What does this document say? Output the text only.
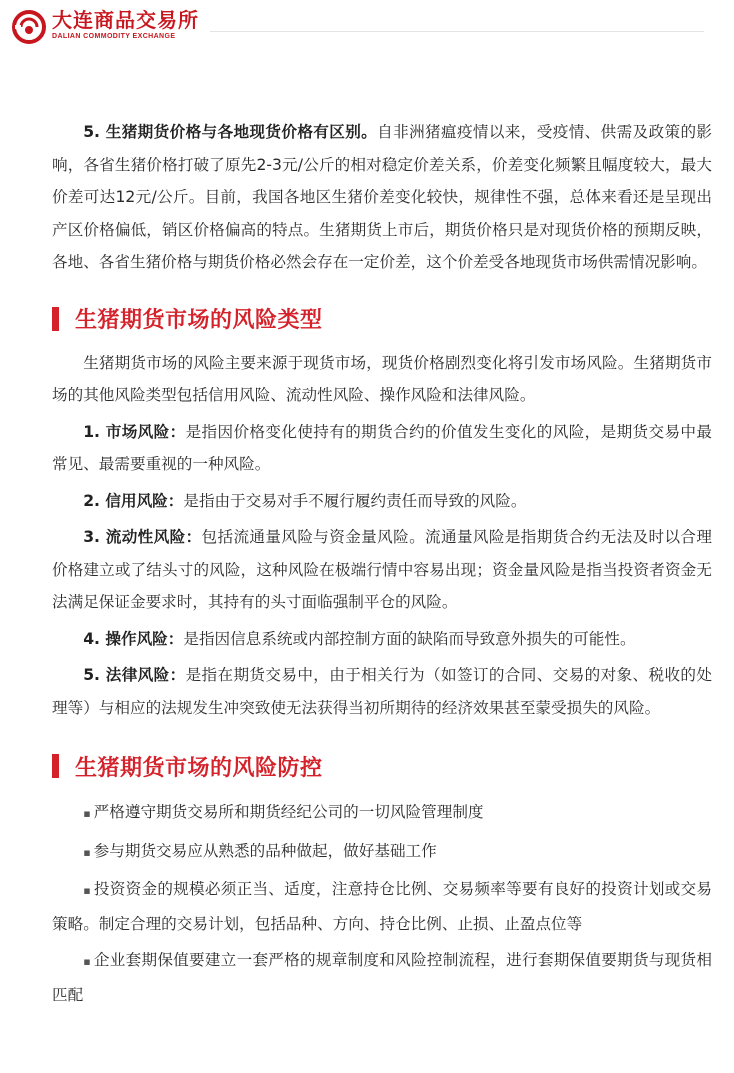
大连商品交易所
DALIAN COMMODITY EXCHANGE

5. 生猪期货价格与各地现货价格有区别。自非洲猪瘟疫情以来，受疫情、供需及政策的影响，各省生猪价格打破了原先2-3元/公斤的相对稳定价差关系，价差变化频繁且幅度较大，最大价差可达12元/公斤。目前，我国各地区生猪价差变化较快，规律性不强，总体来看还是呈现出产区价格偏低，销区价格偏高的特点。生猪期货上市后，期货价格只是对现货价格的预期反映，各地、各省生猪价格与期货价格必然会存在一定价差，这个价差受各地现货市场供需情况影响。

生猪期货市场的风险类型

生猪期货市场的风险主要来源于现货市场，现货价格剧烈变化将引发市场风险。生猪期货市场的其他风险类型包括信用风险、流动性风险、操作风险和法律风险。

1. 市场风险：是指因价格变化使持有的期货合约的价值发生变化的风险，是期货交易中最常见、最需要重视的一种风险。

2. 信用风险：是指由于交易对手不履行履约责任而导致的风险。

3. 流动性风险：包括流通量风险与资金量风险。流通量风险是指期货合约无法及时以合理价格建立或了结头寸的风险，这种风险在极端行情中容易出现；资金量风险是指当投资者资金无法满足保证金要求时，其持有的头寸面临强制平仓的风险。

4. 操作风险：是指因信息系统或内部控制方面的缺陷而导致意外损失的可能性。

5. 法律风险：是指在期货交易中，由于相关行为（如签订的合同、交易的对象、税收的处理等）与相应的法规发生冲突致使无法获得当初所期待的经济效果甚至蒙受损失的风险。

生猪期货市场的风险防控

▪ 严格遵守期货交易所和期货经纪公司的一切风险管理制度

▪ 参与期货交易应从熟悉的品种做起，做好基础工作

▪ 投资资金的规模必须正当、适度，注意持仓比例、交易频率等要有良好的投资计划或交易策略。制定合理的交易计划，包括品种、方向、持仓比例、止损、止盈点位等

▪ 企业套期保值要建立一套严格的规章制度和风险控制流程，进行套期保值要期货与现货相匹配
